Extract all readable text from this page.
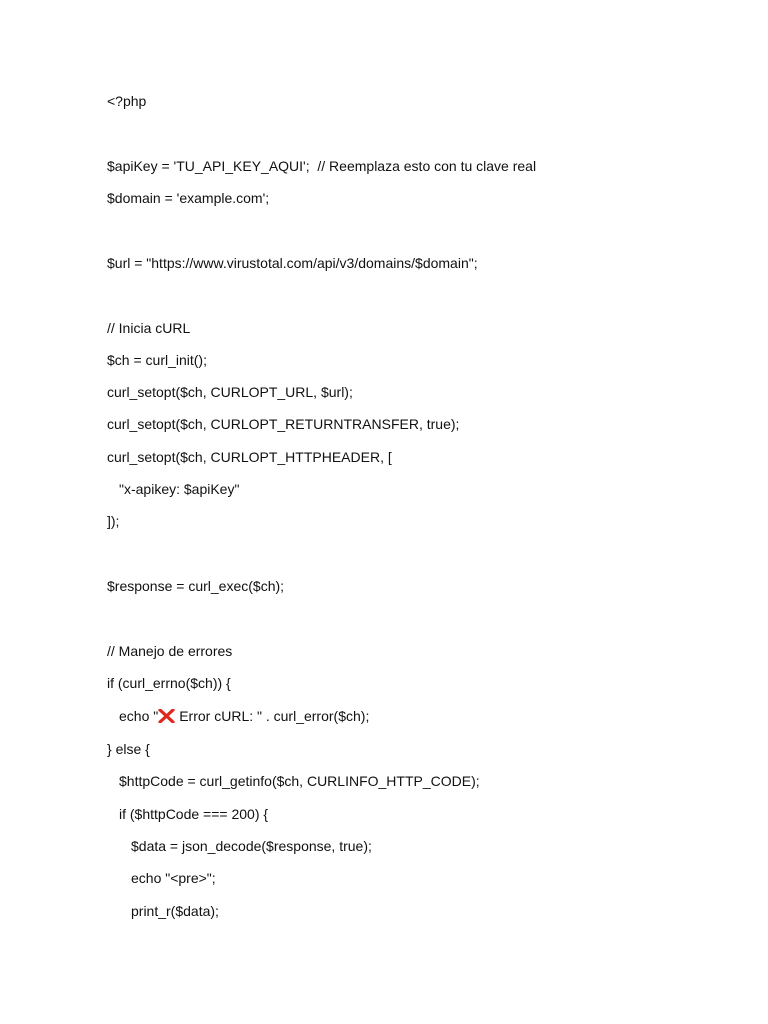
<?php
$apiKey = 'TU_API_KEY_AQUI';  // Reemplaza esto con tu clave real
$domain = 'example.com';
$url = "https://www.virustotal.com/api/v3/domains/$domain";
// Inicia cURL
$ch = curl_init();
curl_setopt($ch, CURLOPT_URL, $url);
curl_setopt($ch, CURLOPT_RETURNTRANSFER, true);
curl_setopt($ch, CURLOPT_HTTPHEADER, [
"x-apikey: $apiKey"
]);
$response = curl_exec($ch);
// Manejo de errores
if (curl_errno($ch)) {
echo " Error cURL: " . curl_error($ch);
} else {
$httpCode = curl_getinfo($ch, CURLINFO_HTTP_CODE);
if ($httpCode === 200) {
$data = json_decode($response, true);
echo "<pre>";
print_r($data);
